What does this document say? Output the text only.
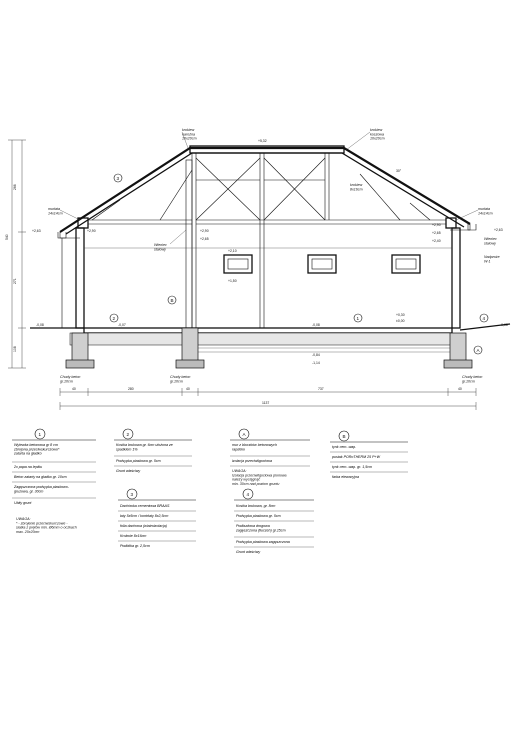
266
540
271
108
40	280	40	737	40
1137
+5,32
+2,63	+2,90	+2,90
+2,65
+2,10
+1,50
+2,63
+2,90
+2,65
+2,40
±0,00
-0,08	-0,07	-0,08	-0,08
-0,84
-1,14
+0,30
krokiew narożna 10x20cm
krokiew koszowa 10x20cm
krokiew 8x16cm
murłata 14x14cm
murłata 14x14cm
Wieniec stalowy
Wieniec stalowy
Nadproże W-1
Chudy beton gr.10cm
Chudy beton gr.10cm
Chudy beton gr.10cm
30°
3
B
2	1	4
A
1
Wylewka betonowa gr 8 cm zbrojona przeciwskurczowo* zatarta na gładko
2x papa na lepiku
Beton zatarty na gładko gr. 10cm
Zagęszczona podsypka piaskowo-gruzowa, gr. 30cm
Ubity grunt
UWAGA: * - zbrojenie przeciwskurczowe -siatka z prętów min. Ø6mm o oczkach max. 20x20cm
2
Kostka brukowa gr. 6cm ułożona ze spadkiem 1%
Podsypka piaskowa gr. 5cm
Grunt właściwy
3
Dachówka cementowa BRAAS
łaty 5x5cm / kontrłaty 8x2,5cm
folia dachowa (wiatroizolacja)
Krokwie 8x16cm
Podbitka gr. 2,5cm
A
mur z bloczków betonowych rapdeko
izolacja przeciwilgociowa
UWAGA: Izolacja przeciwilgociowa pionowa należy wyciągnąć min. 30cm nad poziom gruntu
4
Kostka brukowa, gr. 8cm
Podsypka piaskowa gr. 5cm
Podbudowa drogowa zagęszczona (tłuczeń) gr.15cm
Podsypka piaskowa zagęszczona
Grunt właściwy
B
tynk cem.-wap.
pustak PORoTHERM 25 P+W
tynk cem.-wap. gr. 1,5cm
farba elewacyjna
